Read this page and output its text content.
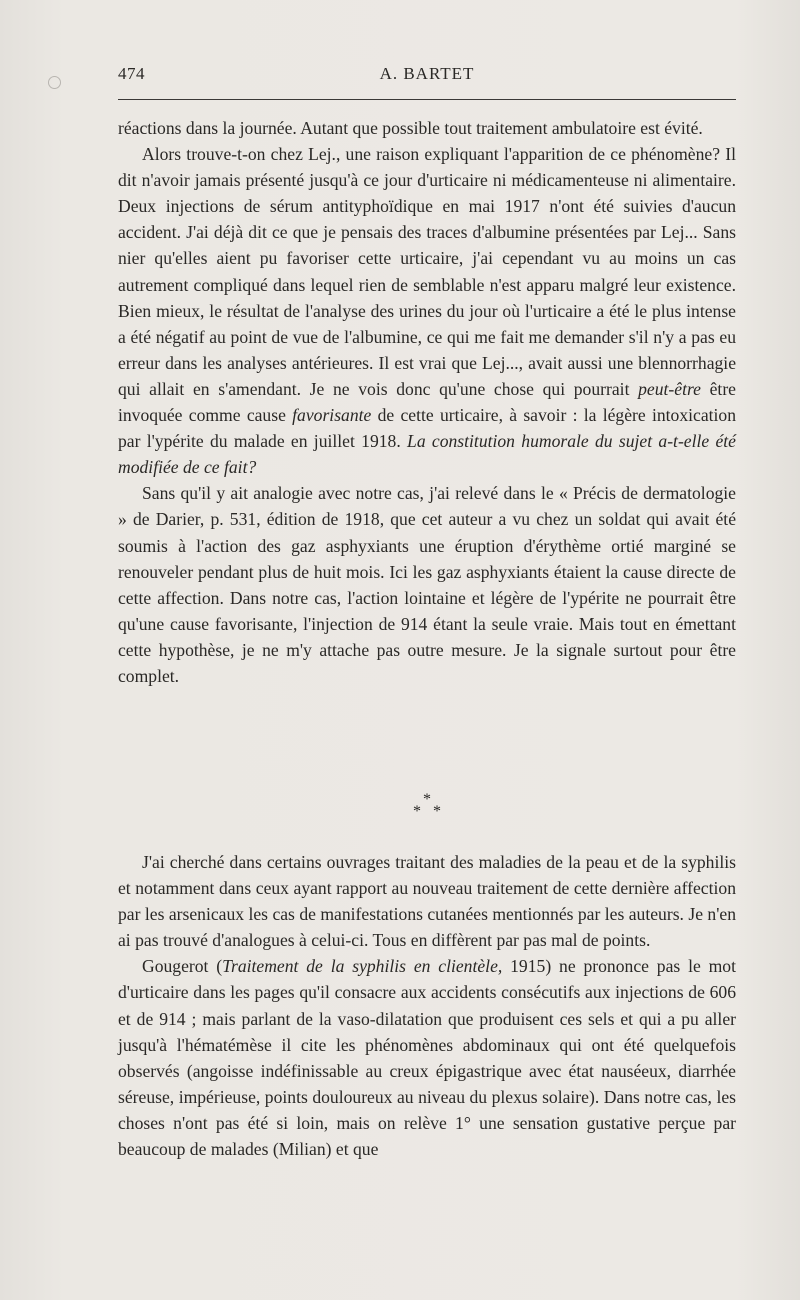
474	A. BARTET

réactions dans la journée. Autant que possible tout traitement ambulatoire est évité.

Alors trouve-t-on chez Lej., une raison expliquant l'apparition de ce phénomène? Il dit n'avoir jamais présenté jusqu'à ce jour d'urticaire ni médicamenteuse ni alimentaire. Deux injections de sérum antityphoïdique en mai 1917 n'ont été suivies d'aucun accident. J'ai déjà dit ce que je pensais des traces d'albumine présentées par Lej... Sans nier qu'elles aient pu favoriser cette urticaire, j'ai cependant vu au moins un cas autrement compliqué dans lequel rien de semblable n'est apparu malgré leur existence. Bien mieux, le résultat de l'analyse des urines du jour où l'urticaire a été le plus intense a été négatif au point de vue de l'albumine, ce qui me fait me demander s'il n'y a pas eu erreur dans les analyses antérieures. Il est vrai que Lej..., avait aussi une blennorrhagie qui allait en s'amendant. Je ne vois donc qu'une chose qui pourrait peut-être être invoquée comme cause favorisante de cette urticaire, à savoir : la légère intoxication par l'ypérite du malade en juillet 1918. La constitution humorale du sujet a-t-elle été modifiée de ce fait?

Sans qu'il y ait analogie avec notre cas, j'ai relevé dans le « Précis de dermatologie » de Darier, p. 531, édition de 1918, que cet auteur a vu chez un soldat qui avait été soumis à l'action des gaz asphyxiants une éruption d'érythème ortié marginé se renouveler pendant plus de huit mois. Ici les gaz asphyxiants étaient la cause directe de cette affection. Dans notre cas, l'action lointaine et légère de l'ypérite ne pourrait être qu'une cause favorisante, l'injection de 914 étant la seule vraie. Mais tout en émettant cette hypothèse, je ne m'y attache pas outre mesure. Je la signale surtout pour être complet.

*
* *

J'ai cherché dans certains ouvrages traitant des maladies de la peau et de la syphilis et notamment dans ceux ayant rapport au nouveau traitement de cette dernière affection par les arsenicaux les cas de manifestations cutanées mentionnés par les auteurs. Je n'en ai pas trouvé d'analogues à celui-ci. Tous en diffèrent par pas mal de points.

Gougerot (Traitement de la syphilis en clientèle, 1915) ne prononce pas le mot d'urticaire dans les pages qu'il consacre aux accidents consécutifs aux injections de 606 et de 914 ; mais parlant de la vaso-dilatation que produisent ces sels et qui a pu aller jusqu'à l'hématémèse il cite les phénomènes abdominaux qui ont été quelquefois observés (angoisse indéfinissable au creux épigastrique avec état nauséeux, diarrhée séreuse, impérieuse, points douloureux au niveau du plexus solaire). Dans notre cas, les choses n'ont pas été si loin, mais on relève 1° une sensation gustative perçue par beaucoup de malades (Milian) et que
